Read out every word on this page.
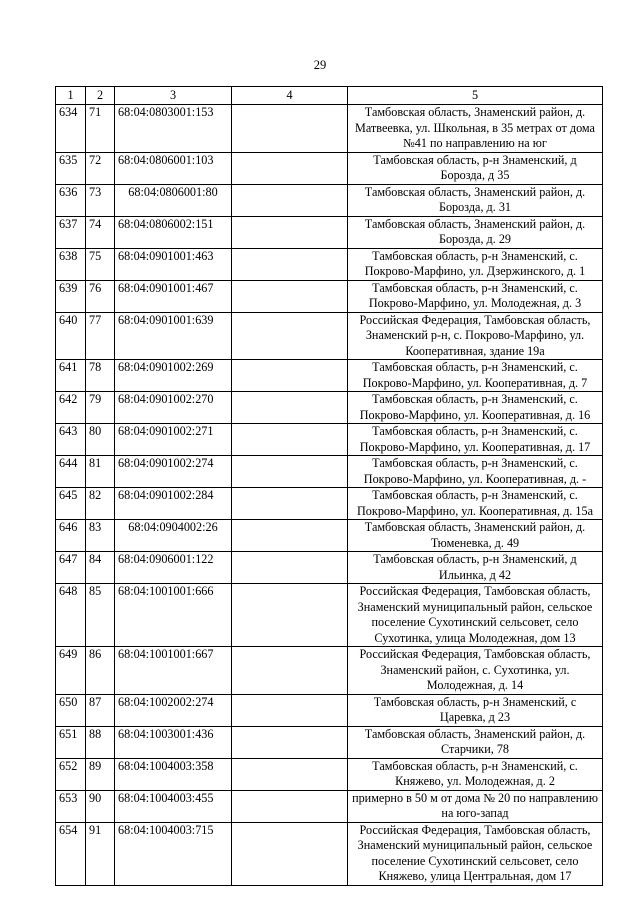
29
1	2	3	4	5
634	71	68:04:0803001:153		Тамбовская область, Знаменский район, д. Матвеевка, ул. Школьная, в 35 метрах от дома №41 по направлению на юг
635	72	68:04:0806001:103		Тамбовская область, р-н Знаменский, д Борозда, д 35
636	73	68:04:0806001:80		Тамбовская область, Знаменский район, д. Борозда, д. 31
637	74	68:04:0806002:151		Тамбовская область, Знаменский район, д. Борозда, д. 29
638	75	68:04:0901001:463		Тамбовская область, р-н Знаменский, с. Покрово-Марфино, ул. Дзержинского, д. 1
639	76	68:04:0901001:467		Тамбовская область, р-н Знаменский, с. Покрово-Марфино, ул. Молодежная, д. 3
640	77	68:04:0901001:639		Российская Федерация, Тамбовская область, Знаменский р-н, с. Покрово-Марфино, ул. Кооперативная, здание 19а
641	78	68:04:0901002:269		Тамбовская область, р-н Знаменский, с. Покрово-Марфино, ул. Кооперативная, д. 7
642	79	68:04:0901002:270		Тамбовская область, р-н Знаменский, с. Покрово-Марфино, ул. Кооперативная, д. 16
643	80	68:04:0901002:271		Тамбовская область, р-н Знаменский, с. Покрово-Марфино, ул. Кооперативная, д. 17
644	81	68:04:0901002:274		Тамбовская область, р-н Знаменский, с. Покрово-Марфино, ул. Кооперативная, д. -
645	82	68:04:0901002:284		Тамбовская область, р-н Знаменский, с. Покрово-Марфино, ул. Кооперативная, д. 15а
646	83	68:04:0904002:26		Тамбовская область, Знаменский район, д. Тюменевка, д. 49
647	84	68:04:0906001:122		Тамбовская область, р-н Знаменский, д Ильинка, д 42
648	85	68:04:1001001:666		Российская Федерация, Тамбовская область, Знаменский муниципальный район, сельское поселение Сухотинский сельсовет, село Сухотинка, улица Молодежная, дом 13
649	86	68:04:1001001:667		Российская Федерация, Тамбовская область, Знаменский район, с. Сухотинка, ул. Молодежная, д. 14
650	87	68:04:1002002:274		Тамбовская область, р-н Знаменский, с Царевка, д 23
651	88	68:04:1003001:436		Тамбовская область, Знаменский район, д. Старчики, 78
652	89	68:04:1004003:358		Тамбовская область, р-н Знаменский, с. Княжево, ул. Молодежная, д. 2
653	90	68:04:1004003:455		примерно в 50 м от дома № 20 по направлению на юго-запад
654	91	68:04:1004003:715		Российская Федерация, Тамбовская область, Знаменский муниципальный район, сельское поселение Сухотинский сельсовет, село Княжево, улица Центральная, дом 17
